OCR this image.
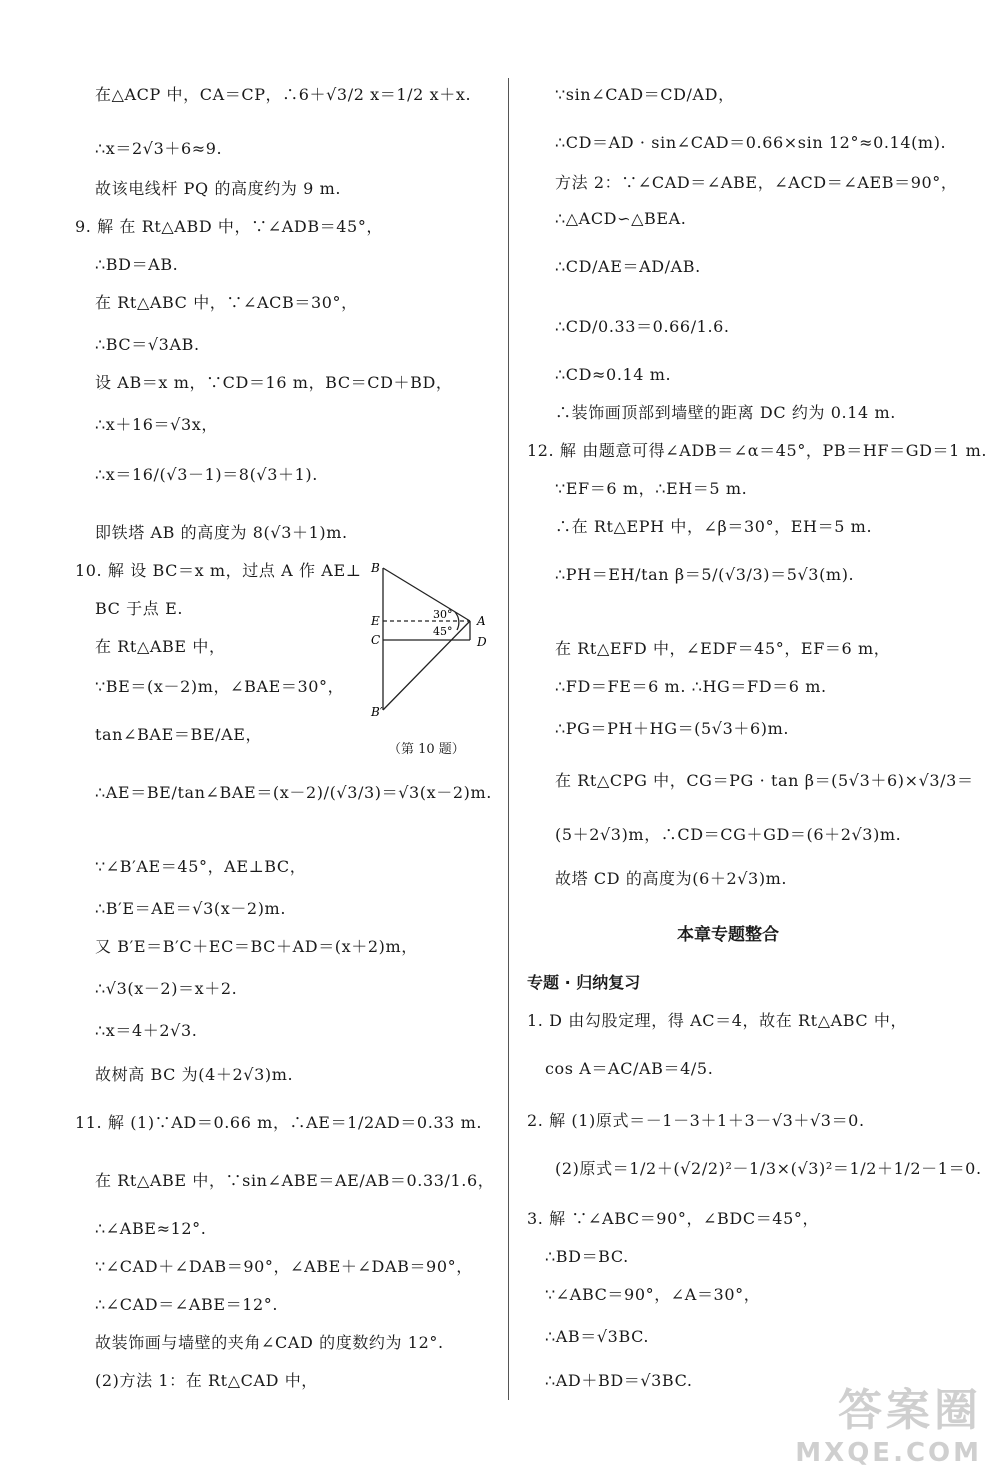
在△ACP 中，CA＝CP，∴6＋√3/2 x＝1/2 x＋x.
∴x＝2√3＋6≈9.
故该电线杆 PQ 的高度约为 9 m.
9. 解 在 Rt△ABD 中，∵∠ADB＝45°，
∴BD＝AB.
在 Rt△ABC 中，∵∠ACB＝30°，
∴BC＝√3AB.
设 AB＝x m，∵CD＝16 m，BC＝CD＋BD，
∴x＋16＝√3x，
∴x＝16/(√3－1)＝8(√3＋1).
即铁塔 AB 的高度为 8(√3＋1)m.
10. 解 设 BC＝x m，过点 A 作 AE⊥
BC 于点 E.
在 Rt△ABE 中，
∵BE＝(x－2)m，∠BAE＝30°，
tan∠BAE＝BE/AE，
∴AE＝BE/tan∠BAE＝(x－2)/(√3/3)＝√3(x－2)m.
∵∠B′AE＝45°，AE⊥BC，
∴B′E＝AE＝√3(x－2)m.
又 B′E＝B′C＋EC＝BC＋AD＝(x＋2)m，
∴√3(x－2)＝x＋2.
∴x＝4＋2√3.
故树高 BC 为(4＋2√3)m.
11. 解 (1)∵AD＝0.66 m，∴AE＝1/2AD＝0.33 m.
在 Rt△ABE 中，∵sin∠ABE＝AE/AB＝0.33/1.6，
∴∠ABE≈12°.
∵∠CAD＋∠DAB＝90°，∠ABE＋∠DAB＝90°，
∴∠CAD＝∠ABE＝12°.
故装饰画与墙壁的夹角∠CAD 的度数约为 12°.
(2)方法 1：在 Rt△CAD 中，
B
E
C
B′
A
D
30°
45°
（第 10 题）
∵sin∠CAD＝CD/AD，
∴CD＝AD · sin∠CAD＝0.66×sin 12°≈0.14(m).
方法 2：∵∠CAD＝∠ABE，∠ACD＝∠AEB＝90°，
∴△ACD∽△BEA.
∴CD/AE＝AD/AB.
∴CD/0.33＝0.66/1.6.
∴CD≈0.14 m.
∴装饰画顶部到墙壁的距离 DC 约为 0.14 m.
12. 解 由题意可得∠ADB＝∠α＝45°，PB＝HF＝GD＝1 m.
∵EF＝6 m，∴EH＝5 m.
∴在 Rt△EPH 中，∠β＝30°，EH＝5 m.
∴PH＝EH/tan β＝5/(√3/3)＝5√3(m).
在 Rt△EFD 中，∠EDF＝45°，EF＝6 m，
∴FD＝FE＝6 m. ∴HG＝FD＝6 m.
∴PG＝PH＋HG＝(5√3＋6)m.
在 Rt△CPG 中，CG＝PG · tan β＝(5√3＋6)×√3/3＝
(5＋2√3)m，∴CD＝CG＋GD＝(6＋2√3)m.
故塔 CD 的高度为(6＋2√3)m.
本章专题整合
专题 · 归纳复习
1. D 由勾股定理，得 AC＝4，故在 Rt△ABC 中，
cos A＝AC/AB＝4/5.
2. 解 (1)原式＝－1－3＋1＋3－√3＋√3＝0.
(2)原式＝1/2＋(√2/2)²－1/3×(√3)²＝1/2＋1/2－1＝0.
3. 解 ∵∠ABC＝90°，∠BDC＝45°，
∴BD＝BC.
∵∠ABC＝90°，∠A＝30°，
∴AB＝√3BC.
∴AD＋BD＝√3BC.
答案圈
MXQE.COM
